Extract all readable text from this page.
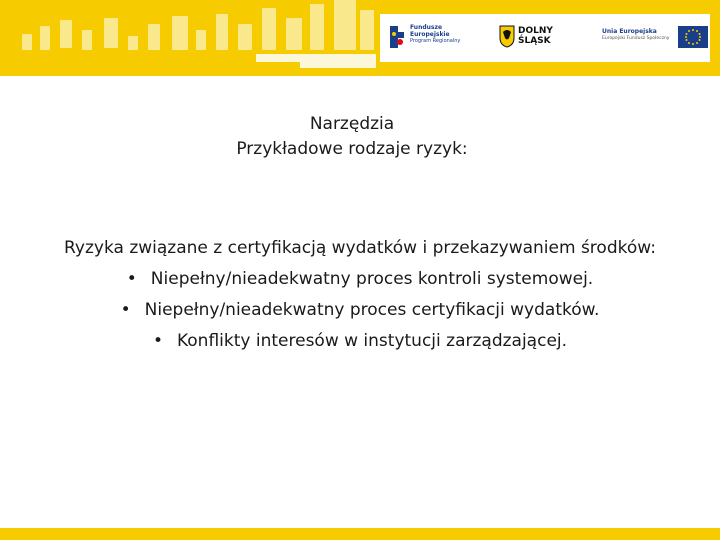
Fundusze
Europejskie
Program Regionalny
DOLNY
ŚLĄSK
Unia Europejska
Europejski Fundusz Społeczny
Narzędzia
Przykładowe rodzaje ryzyk:
Ryzyka związane z certyfikacją wydatków i przekazywaniem środków:
• Niepełny/nieadekwatny proces kontroli systemowej.
• Niepełny/nieadekwatny proces certyfikacji wydatków.
• Konflikty interesów w instytucji zarządzającej.
